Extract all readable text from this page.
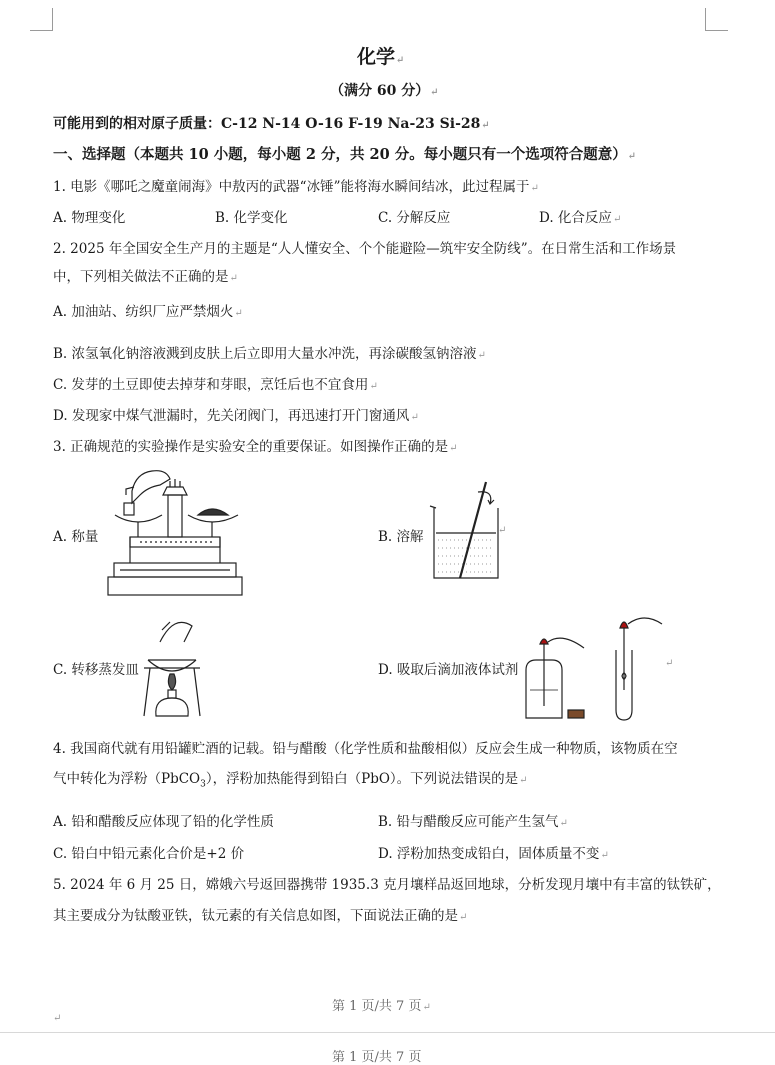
化学↵
（满分 60 分）↵
可能用到的相对原子质量：C-12 N-14 O-16 F-19 Na-23 Si-28↵
一、选择题（本题共 10 小题，每小题 2 分，共 20 分。每小题只有一个选项符合题意）↵
1. 电影《哪吒之魔童闹海》中敖丙的武器“冰锤”能将海水瞬间结冰，此过程属于↵
A. 物理变化	B. 化学变化	C. 分解反应	D. 化合反应↵
2. 2025 年全国安全生产月的主题是“人人懂安全、个个能避险—筑牢安全防线”。在日常生活和工作场景
中，下列相关做法不正确的是↵
A. 加油站、纺织厂应严禁烟火↵
B. 浓氢氧化钠溶液溅到皮肤上后立即用大量水冲洗，再涂碳酸氢钠溶液↵
C. 发芽的土豆即使去掉芽和芽眼，烹饪后也不宜食用↵
D. 发现家中煤气泄漏时，先关闭阀门，再迅速打开门窗通风↵
3. 正确规范的实验操作是实验安全的重要保证。如图操作正确的是↵
A. 称量	B. 溶解	↵
C. 转移蒸发皿	D. 吸取后滴加液体试剂	↵
4. 我国商代就有用铅罐贮酒的记载。铅与醋酸（化学性质和盐酸相似）反应会生成一种物质，该物质在空
气中转化为浮粉（PbCO$_3$），浮粉加热能得到铅白（PbO）。下列说法错误的是↵
A. 铅和醋酸反应体现了铅的化学性质	B. 铅与醋酸反应可能产生氢气↵
C. 铅白中铅元素化合价是+2 价	D. 浮粉加热变成铅白，固体质量不变↵
5. 2024 年 6 月 25 日，嫦娥六号返回器携带 1935.3 克月壤样品返回地球，分析发现月壤中有丰富的钛铁矿，
其主要成分为钛酸亚铁，钛元素的有关信息如图，下面说法正确的是↵
第 1 页/共 7 页↵
↵
第 1 页/共 7 页
